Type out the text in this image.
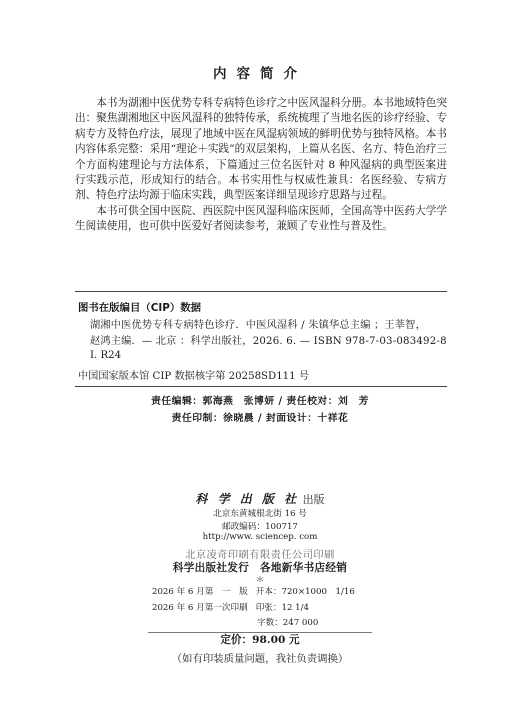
内容简介

本书为湖湘中医优势专科专病特色诊疗之中医风湿科分册。本书地域特色突出：聚焦湖湘地区中医风湿科的独特传承，系统梳理了当地名医的诊疗经验、专病专方及特色疗法，展现了地域中医在风湿病领域的鲜明优势与独特风格。本书内容体系完整：采用“理论＋实践”的双层架构，上篇从名医、名方、特色治疗三个方面构建理论与方法体系，下篇通过三位名医针对 8 种风湿病的典型医案进行实践示范，形成知行的结合。本书实用性与权威性兼具：名医经验、专病方剂、特色疗法均源于临床实践，典型医案详细呈现诊疗思路与过程。

本书可供全国中医院、西医院中医风湿科临床医师，全国高等中医药大学学生阅读使用，也可供中医爱好者阅读参考，兼顾了专业性与普及性。

图书在版编目（CIP）数据
湖湘中医优势专科专病特色诊疗．中医风湿科 / 朱镇华总主编 ；王莘智，
赵鸿主编．— 北京 ：科学出版社，2026. 6. — ISBN 978-7-03-083492-8
Ⅰ. R24
中国国家版本馆 CIP 数据核字第 20258SD111 号
责任编辑：郭海燕　张博妍 / 责任校对：刘　芳
责任印制：徐晓晨 / 封面设计：十祥花
科 学 出 版 社 出版
北京东黄城根北街 16 号
邮政编码：100717
http://www. sciencep. com
北京凌奇印刷有限责任公司印刷
科学出版社发行　各地新华书店经销
＊
2026 年 6 月第　一　版 开本：720×1000　1/16
2026 年 6 月第一次印刷 印张：12 1/4
字数：247 000
定价：98.00 元
（如有印装质量问题，我社负责调换）
